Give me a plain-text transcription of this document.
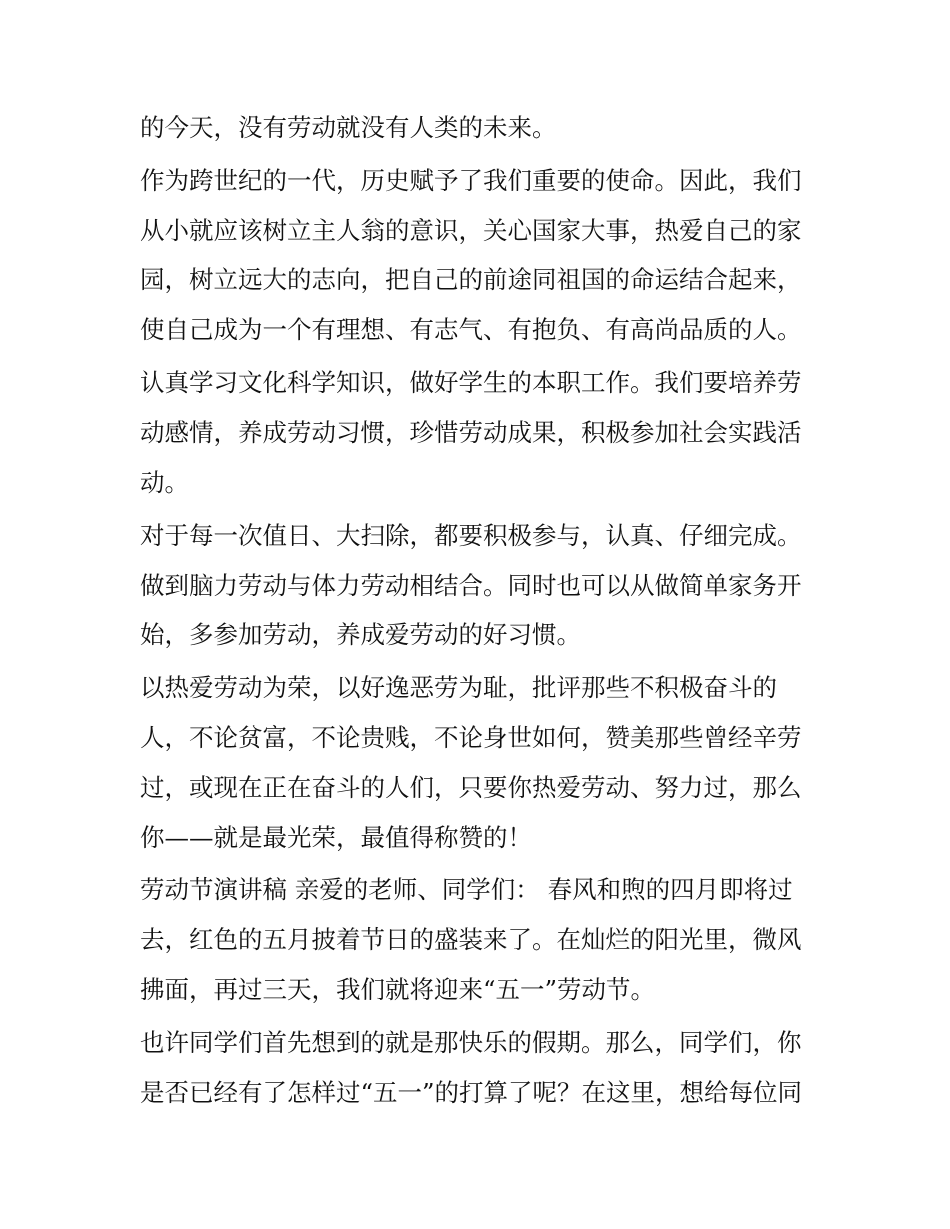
的今天，没有劳动就没有人类的未来。
作为跨世纪的一代，历史赋予了我们重要的使命。因此，我们
从小就应该树立主人翁的意识，关心国家大事，热爱自己的家
园，树立远大的志向，把自己的前途同祖国的命运结合起来，
使自己成为一个有理想、有志气、有抱负、有高尚品质的人。
认真学习文化科学知识，做好学生的本职工作。我们要培养劳
动感情，养成劳动习惯，珍惜劳动成果，积极参加社会实践活
动。
对于每一次值日、大扫除，都要积极参与，认真、仔细完成。
做到脑力劳动与体力劳动相结合。同时也可以从做简单家务开
始，多参加劳动，养成爱劳动的好习惯。
以热爱劳动为荣，以好逸恶劳为耻，批评那些不积极奋斗的
人，不论贫富，不论贵贱，不论身世如何，赞美那些曾经辛劳
过，或现在正在奋斗的人们，只要你热爱劳动、努力过，那么
你——就是最光荣，最值得称赞的！
劳动节演讲稿 亲爱的老师、同学们： 春风和煦的四月即将过
去，红色的五月披着节日的盛装来了。在灿烂的阳光里，微风
拂面，再过三天，我们就将迎来“五一”劳动节。
也许同学们首先想到的就是那快乐的假期。那么，同学们，你
是否已经有了怎样过“五一”的打算了呢？在这里，想给每位同
